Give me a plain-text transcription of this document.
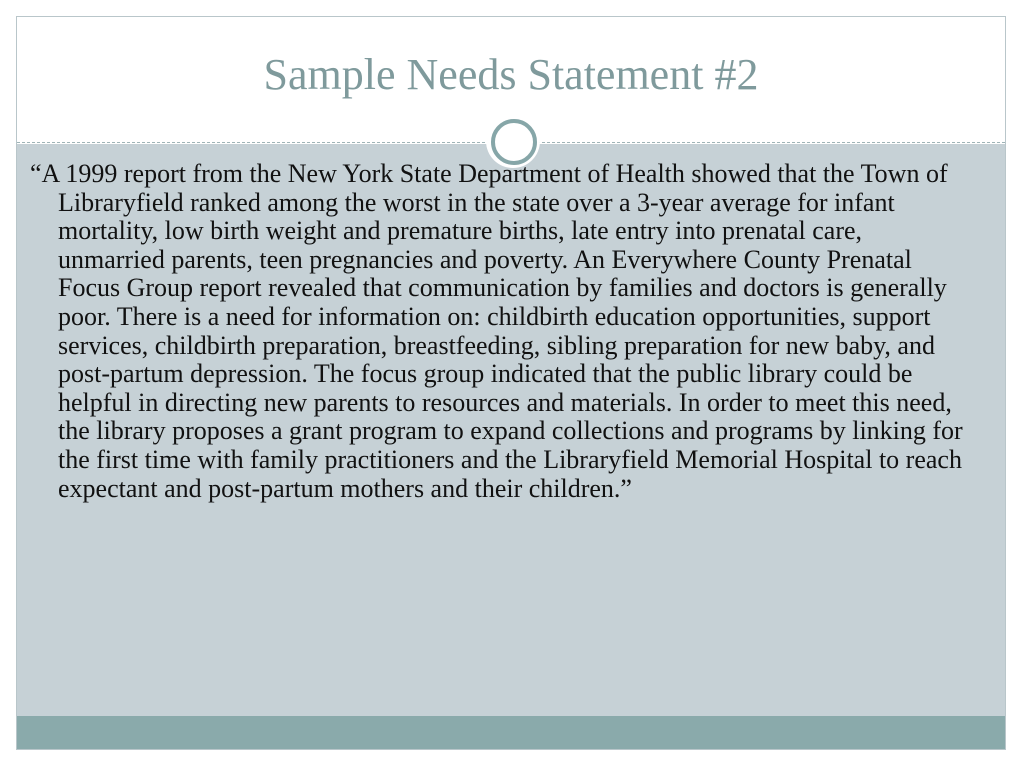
Sample Needs Statement #2

“A 1999 report from the New York State Department of Health showed that the Town of Libraryfield ranked among the worst in the state over a 3-year average for infant mortality, low birth weight and premature births, late entry into prenatal care, unmarried parents, teen pregnancies and poverty. An Everywhere County Prenatal Focus Group report revealed that communication by families and doctors is generally poor. There is a need for information on: childbirth education opportunities, support services, childbirth preparation, breastfeeding, sibling preparation for new baby, and post-partum depression. The focus group indicated that the public library could be helpful in directing new parents to resources and materials. In order to meet this need, the library proposes a grant program to expand collections and programs by linking for the first time with family practitioners and the Libraryfield Memorial Hospital to reach expectant and post-partum mothers and their children.”
